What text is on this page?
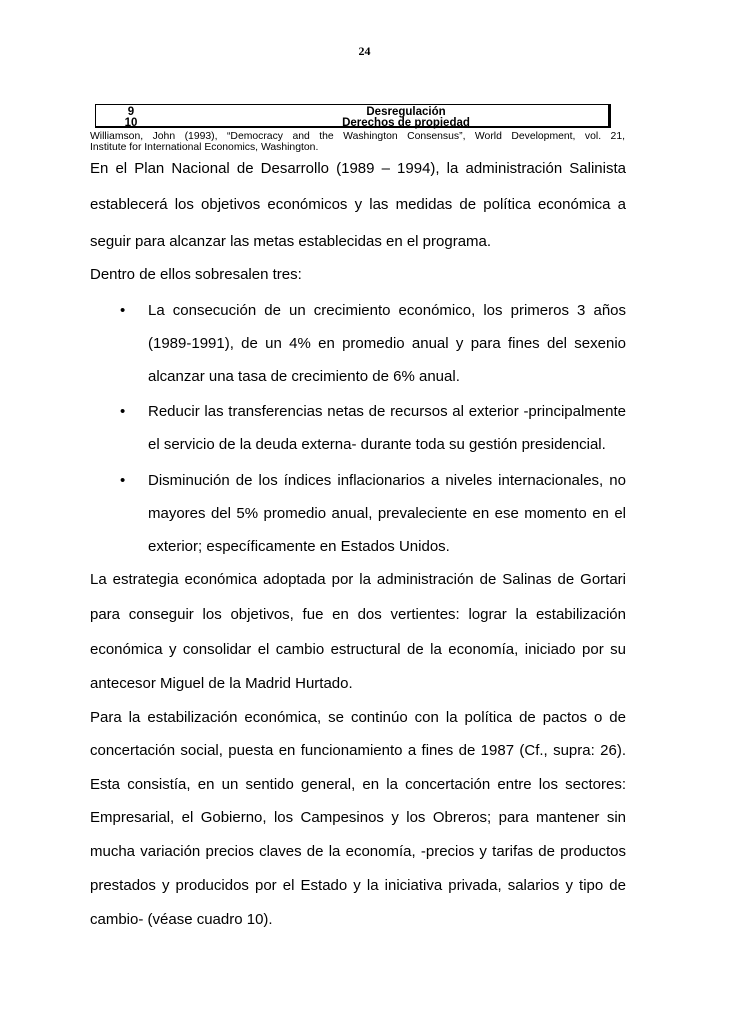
24
9	Desregulación
10	Derechos de propiedad
Williamson, John (1993), “Democracy and the Washington Consensus”, World Development, vol. 21,
Institute for International Economics, Washington.
En el Plan Nacional de Desarrollo (1989 – 1994), la administración Salinista
establecerá los objetivos económicos y las medidas de política económica a
seguir para alcanzar las metas establecidas en el programa.
Dentro de ellos sobresalen tres:
• La consecución de un crecimiento económico, los primeros 3 años
(1989-1991), de un 4% en promedio anual y para fines del sexenio
alcanzar una tasa de crecimiento de 6% anual.
• Reducir las transferencias netas de recursos al exterior -principalmente
el servicio de la deuda externa- durante toda su gestión presidencial.
• Disminución de los índices inflacionarios a niveles internacionales, no
mayores del 5% promedio anual, prevaleciente en ese momento en el
exterior; específicamente en Estados Unidos.
La estrategia económica adoptada por la administración de Salinas de Gortari
para conseguir los objetivos, fue en dos vertientes: lograr la estabilización
económica y consolidar el cambio estructural de la economía, iniciado por su
antecesor Miguel de la Madrid Hurtado.
Para la estabilización económica, se continúo con la política de pactos o de
concertación social, puesta en funcionamiento a fines de 1987 (Cf., supra: 26).
Esta consistía, en un sentido general, en la concertación entre los sectores:
Empresarial, el Gobierno, los Campesinos y los Obreros; para mantener sin
mucha variación precios claves de la economía, -precios y tarifas de productos
prestados y producidos por el Estado y la iniciativa privada, salarios y tipo de
cambio- (véase cuadro 10).
